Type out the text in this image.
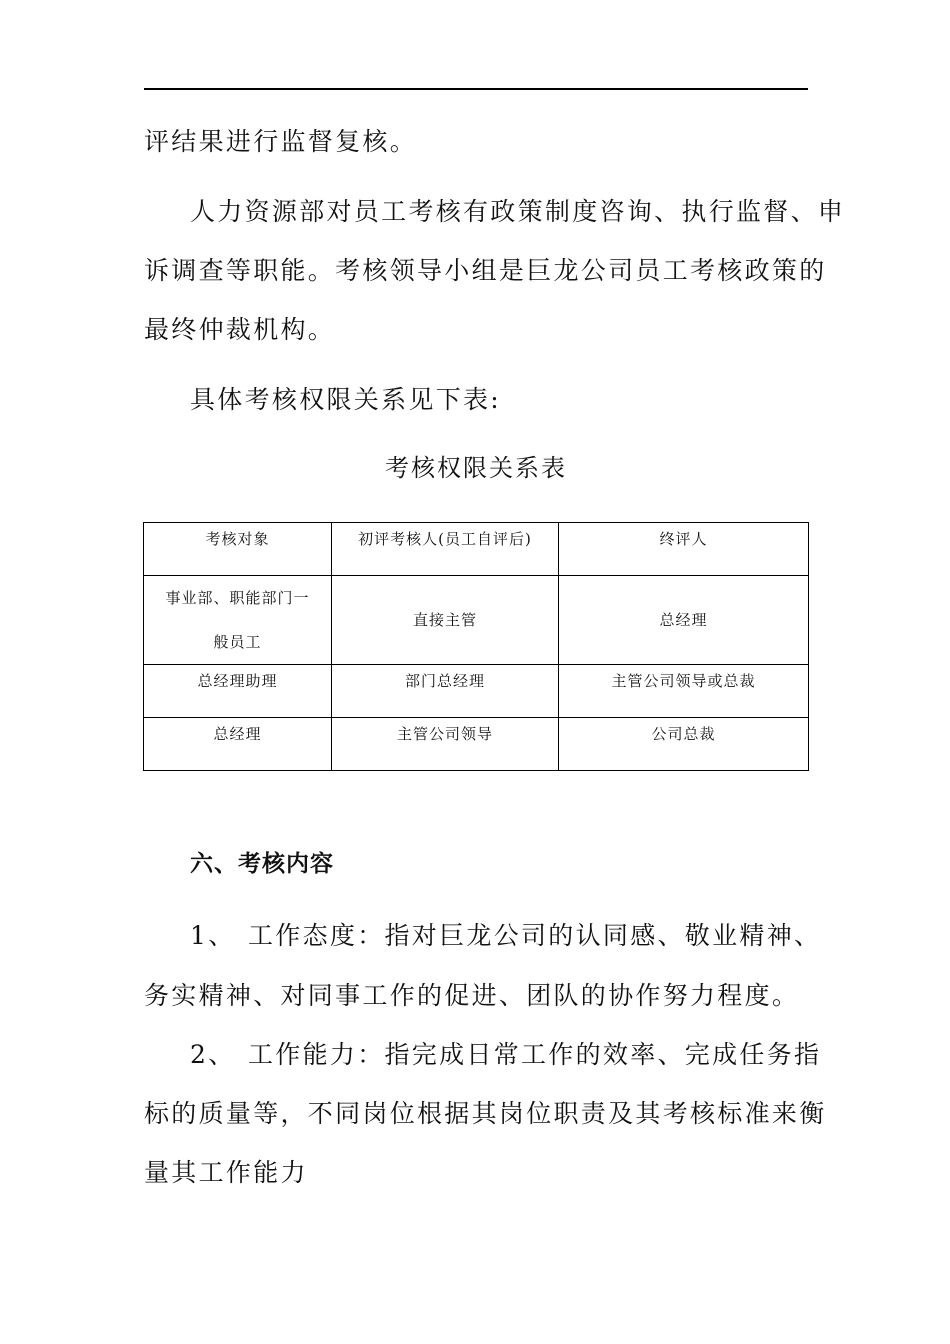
评结果进行监督复核。
人力资源部对员工考核有政策制度咨询、执行监督、申
诉调查等职能。考核领导小组是巨龙公司员工考核政策的
最终仲裁机构。
具体考核权限关系见下表:
考核权限关系表
考核对象	初评考核人(员工自评后)	终评人
事业部、职能部门一般员工	直接主管	总经理
总经理助理	部门总经理	主管公司领导或总裁
总经理	主管公司领导	公司总裁
六、考核内容
1、 工作态度：指对巨龙公司的认同感、敬业精神、
务实精神、对同事工作的促进、团队的协作努力程度。
2、 工作能力：指完成日常工作的效率、完成任务指
标的质量等，不同岗位根据其岗位职责及其考核标准来衡
量其工作能力
